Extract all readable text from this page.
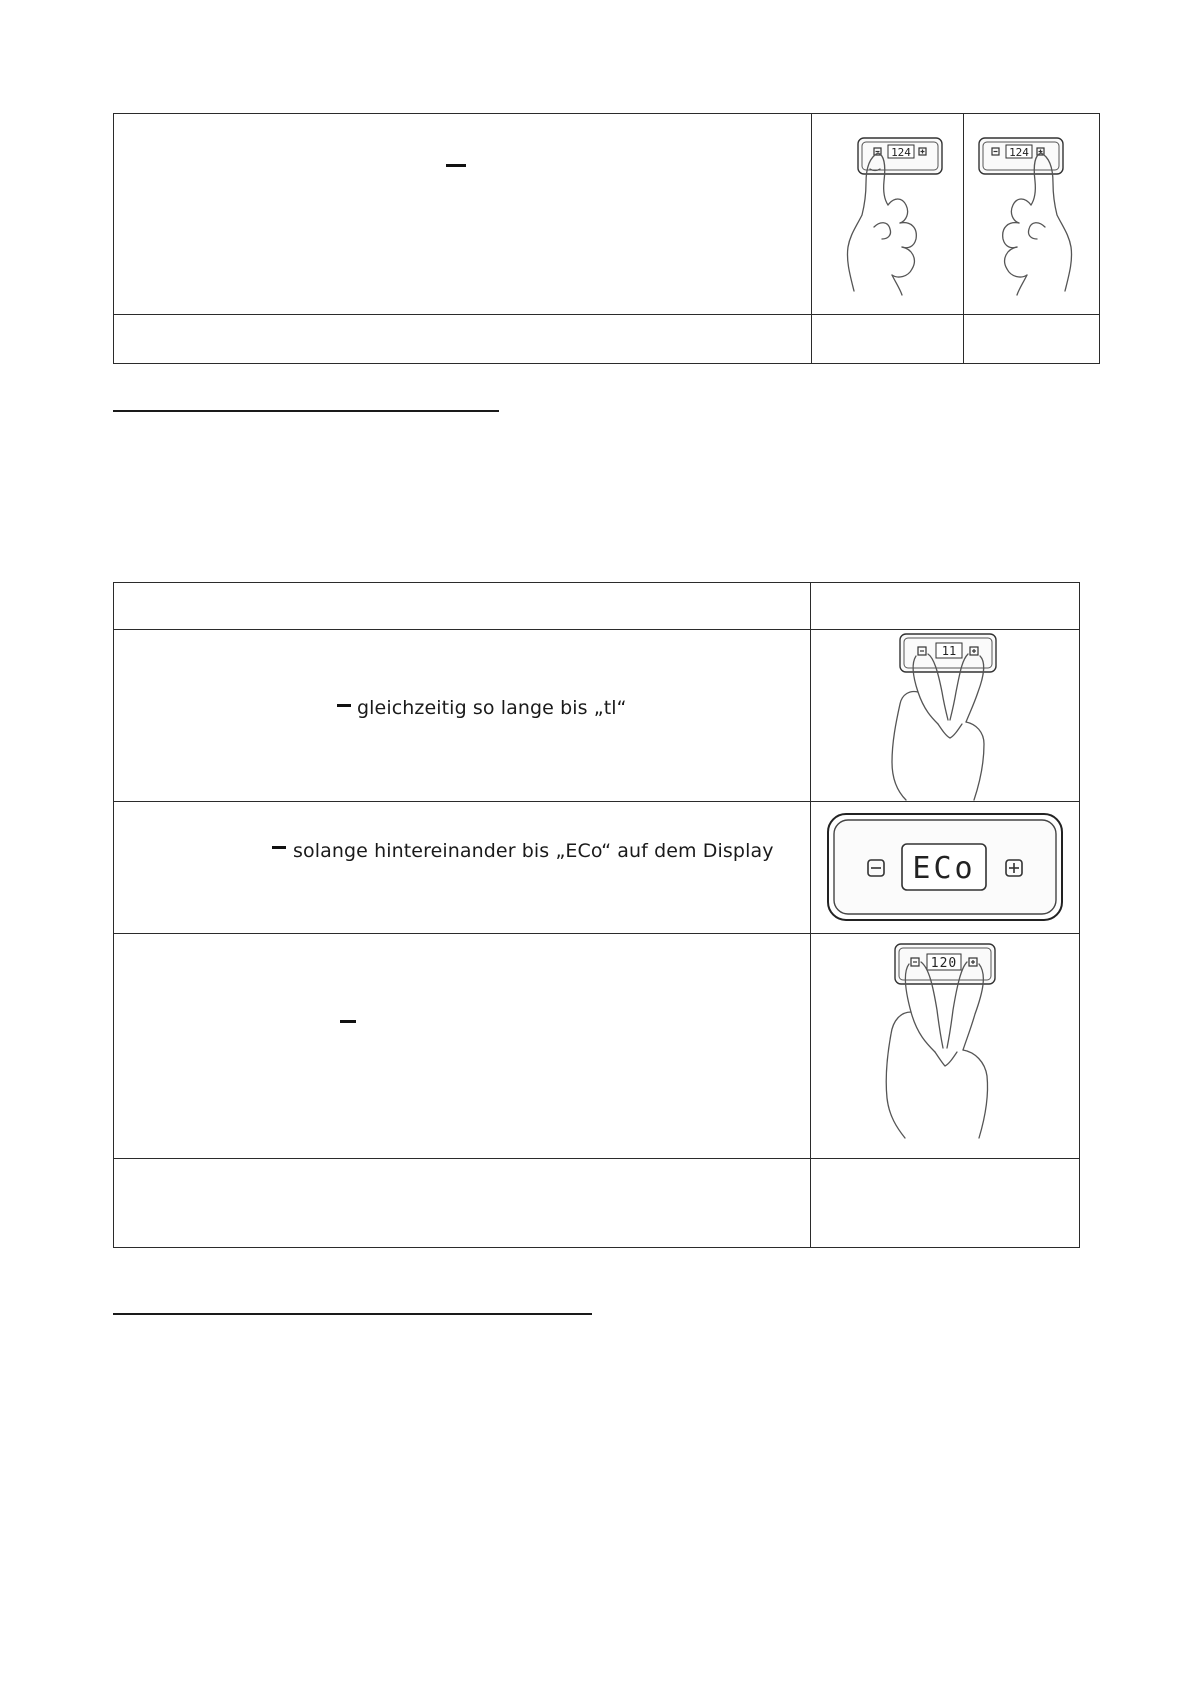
124	124
gleichzeitig so lange bis „tl“
solange hintereinander bis „ECo“ auf dem Display
11
ECo
120
